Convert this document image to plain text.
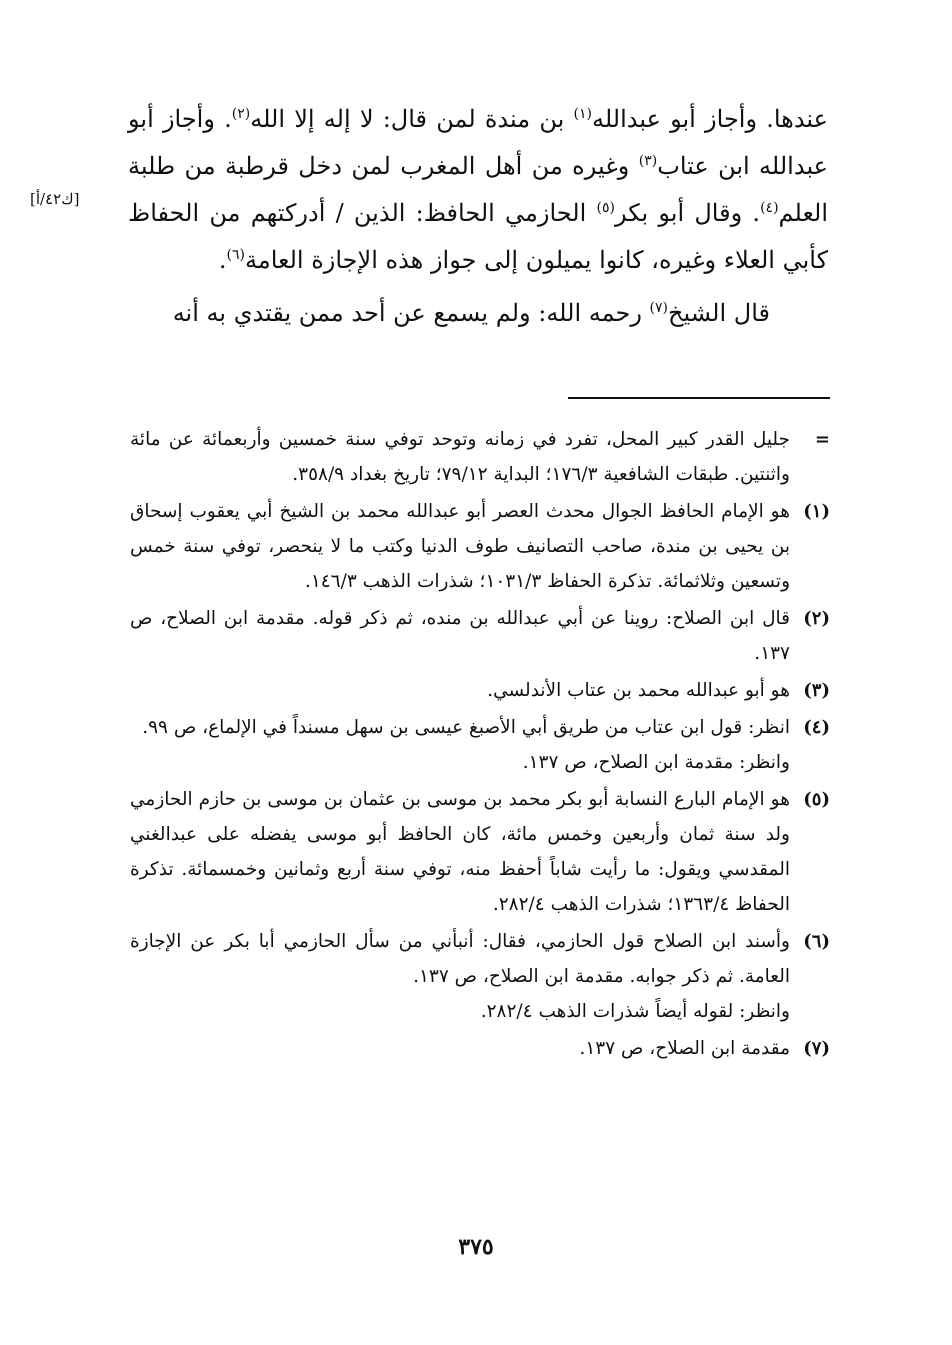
عندها. وأجاز أبو عبدالله$^{(١)}$ بن مندة لمن قال: لا إله إلا الله$^{(٢)}$. وأجاز أبو عبدالله ابن عتاب$^{(٣)}$ وغيره من أهل المغرب لمن دخل قرطبة من طلبة العلم$^{(٤)}$. وقال أبو بكر$^{(٥)}$ الحازمي الحافظ: الذين / أدركتهم من الحفاظ كأبي العلاء وغيره، كانوا يميلون إلى جواز هذه الإجازة العامة$^{(٦)}$.

قال الشيخ$^{(٧)}$ رحمه الله: ولم يسمع عن أحد ممن يقتدي به أنه

[ك٤٢/أ]
=
جليل القدر كبير المحل، تفرد في زمانه وتوحد توفي سنة خمسين وأربعمائة عن مائة واثنتين. طبقات الشافعية ١٧٦/٣؛ البداية ٧٩/١٢؛ تاريخ بغداد ٣٥٨/٩.
(١)
هو الإمام الحافظ الجوال محدث العصر أبو عبدالله محمد بن الشيخ أبي يعقوب إسحاق بن يحيى بن مندة، صاحب التصانيف طوف الدنيا وكتب ما لا ينحصر، توفي سنة خمس وتسعين وثلاثمائة. تذكرة الحفاظ ١٠٣١/٣؛ شذرات الذهب ١٤٦/٣.
(٢)
قال ابن الصلاح: روينا عن أبي عبدالله بن منده، ثم ذكر قوله. مقدمة ابن الصلاح، ص ١٣٧.
(٣)
هو أبو عبدالله محمد بن عتاب الأندلسي.
(٤)
انظر: قول ابن عتاب من طريق أبي الأصبغ عيسى بن سهل مسنداً في الإلماع، ص ٩٩.
وانظر: مقدمة ابن الصلاح، ص ١٣٧.
(٥)
هو الإمام البارع النسابة أبو بكر محمد بن موسى بن عثمان بن موسى بن حازم الحازمي ولد سنة ثمان وأربعين وخمس مائة، كان الحافظ أبو موسى يفضله على عبدالغني المقدسي ويقول: ما رأيت شاباً أحفظ منه، توفي سنة أربع وثمانين وخمسمائة. تذكرة الحفاظ ١٣٦٣/٤؛ شذرات الذهب ٢٨٢/٤.
(٦)
وأسند ابن الصلاح قول الحازمي، فقال: أنبأني من سأل الحازمي أبا بكر عن الإجازة العامة. ثم ذكر جوابه. مقدمة ابن الصلاح، ص ١٣٧.
وانظر: لقوله أيضاً شذرات الذهب ٢٨٢/٤.
(٧)
مقدمة ابن الصلاح، ص ١٣٧.
٣٧٥
